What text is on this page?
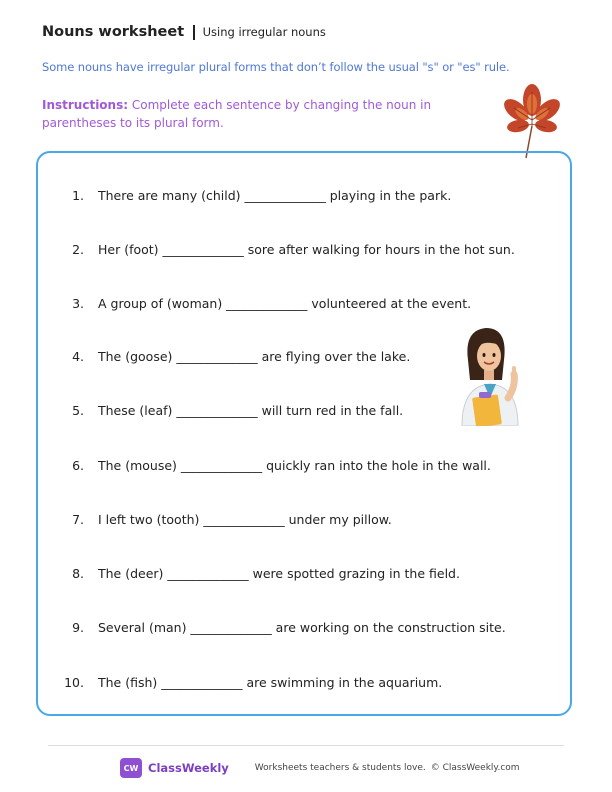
Nouns worksheet Using irregular nouns
Some nouns have irregular plural forms that don’t follow the usual "s" or "es" rule.
Instructions: Complete each sentence by changing the noun in parentheses to its plural form.
1. There are many (child) _____________ playing in the park.
2. Her (foot) _____________ sore after walking for hours in the hot sun.
3. A group of (woman) _____________ volunteered at the event.
4. The (goose) _____________ are flying over the lake.
5. These (leaf) _____________ will turn red in the fall.
6. The (mouse) _____________ quickly ran into the hole in the wall.
7. I left two (tooth) _____________ under my pillow.
8. The (deer) _____________ were spotted grazing in the field.
9. Several (man) _____________ are working on the construction site.
10. The (fish) _____________ are swimming in the aquarium.
CW ClassWeekly	Worksheets teachers & students love. © ClassWeekly.com
